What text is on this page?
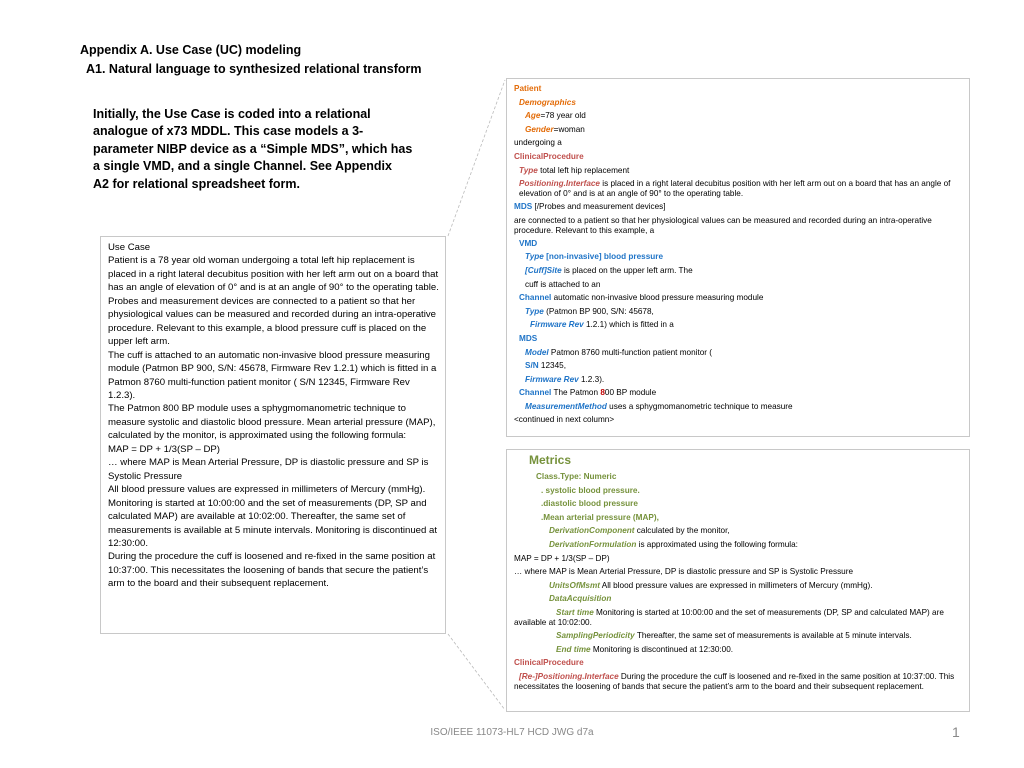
Appendix A. Use Case (UC) modeling
A1. Natural language to synthesized relational transform
Initially, the Use Case is coded into a relational
analogue of x73 MDDL. This case models a 3-
parameter NIBP device as a “Simple MDS”, which has
a single VMD, and a single Channel. See Appendix
A2 for relational spreadsheet form.

Use Case

Patient is a 78 year old woman undergoing a total left hip replacement is placed in a right lateral decubitus position with her left arm out on a board that has an angle of elevation of 0° and is at an angle of 90° to the operating table.

Probes and measurement devices are connected to a patient so that her physiological values can be measured and recorded during an intra-operative procedure. Relevant to this example, a blood pressure cuff is placed on the upper left arm.

The cuff is attached to an automatic non-invasive blood pressure measuring module (Patmon BP 900, S/N: 45678, Firmware Rev 1.2.1) which is fitted in a Patmon 8760 multi-function patient monitor ( S/N 12345, Firmware Rev 1.2.3).

The Patmon 800 BP module uses a sphygmomanometric technique to measure systolic and diastolic blood pressure. Mean arterial pressure (MAP), calculated by the monitor, is approximated using the following formula:

MAP = DP + 1/3(SP – DP)

… where MAP is Mean Arterial Pressure, DP is diastolic pressure and SP is Systolic Pressure

All blood pressure values are expressed in millimeters of Mercury (mmHg).

Monitoring is started at 10:00:00 and the set of measurements (DP, SP and calculated MAP) are available at 10:02:00. Thereafter, the same set of measurements is available at 5 minute intervals. Monitoring is discontinued at 12:30:00.

During the procedure the cuff is loosened and re-fixed in the same position at 10:37:00. This necessitates the loosening of bands that secure the patient’s arm to the board and their subsequent replacement.

Patient
Demographics
Age=78 year old
Gender=woman
undergoing a
ClinicalProcedure
Type total left hip replacement
Positioning.Interface is placed in a right lateral decubitus position with her left arm out on a board that has an angle of elevation of 0° and is at an angle of 90° to the operating table.
MDS [/Probes and measurement devices]
are connected to a patient so that her physiological values can be measured and recorded during an intra-operative procedure. Relevant to this example, a
VMD
Type [non-invasive] blood pressure
[Cuff]Site is placed on the upper left arm. The
cuff is attached to an
Channel automatic non-invasive blood pressure measuring module
Type (Patmon BP 900, S/N: 45678,
Firmware Rev 1.2.1) which is fitted in a
MDS
Model Patmon 8760 multi-function patient monitor (
S/N 12345,
Firmware Rev 1.2.3).
Channel The Patmon 800 BP module
MeasurementMethod uses a sphygmomanometric technique to measure
<continued in next column>
Metrics
Class.Type: Numeric
. systolic blood pressure.
.diastolic blood pressure
.Mean arterial pressure (MAP),
DerivationComponent calculated by the monitor,
DerivationFormulation is approximated using the following formula:
MAP = DP + 1/3(SP – DP)
… where MAP is Mean Arterial Pressure, DP is diastolic pressure and SP is Systolic Pressure
UnitsOfMsmt All blood pressure values are expressed in millimeters of Mercury (mmHg).
DataAcquisition
Start time Monitoring is started at 10:00:00 and the set of measurements (DP, SP and calculated MAP) are available at 10:02:00.
SamplingPeriodicity Thereafter, the same set of measurements is available at 5 minute intervals.
End time Monitoring is discontinued at 12:30:00.
ClinicalProcedure
[Re-]Positioning.Interface During the procedure the cuff is loosened and re-fixed in the same position at 10:37:00. This necessitates the loosening of bands that secure the patient’s arm to the board and their subsequent replacement.
ISO/IEEE 11073-HL7 HCD JWG d7a	1
